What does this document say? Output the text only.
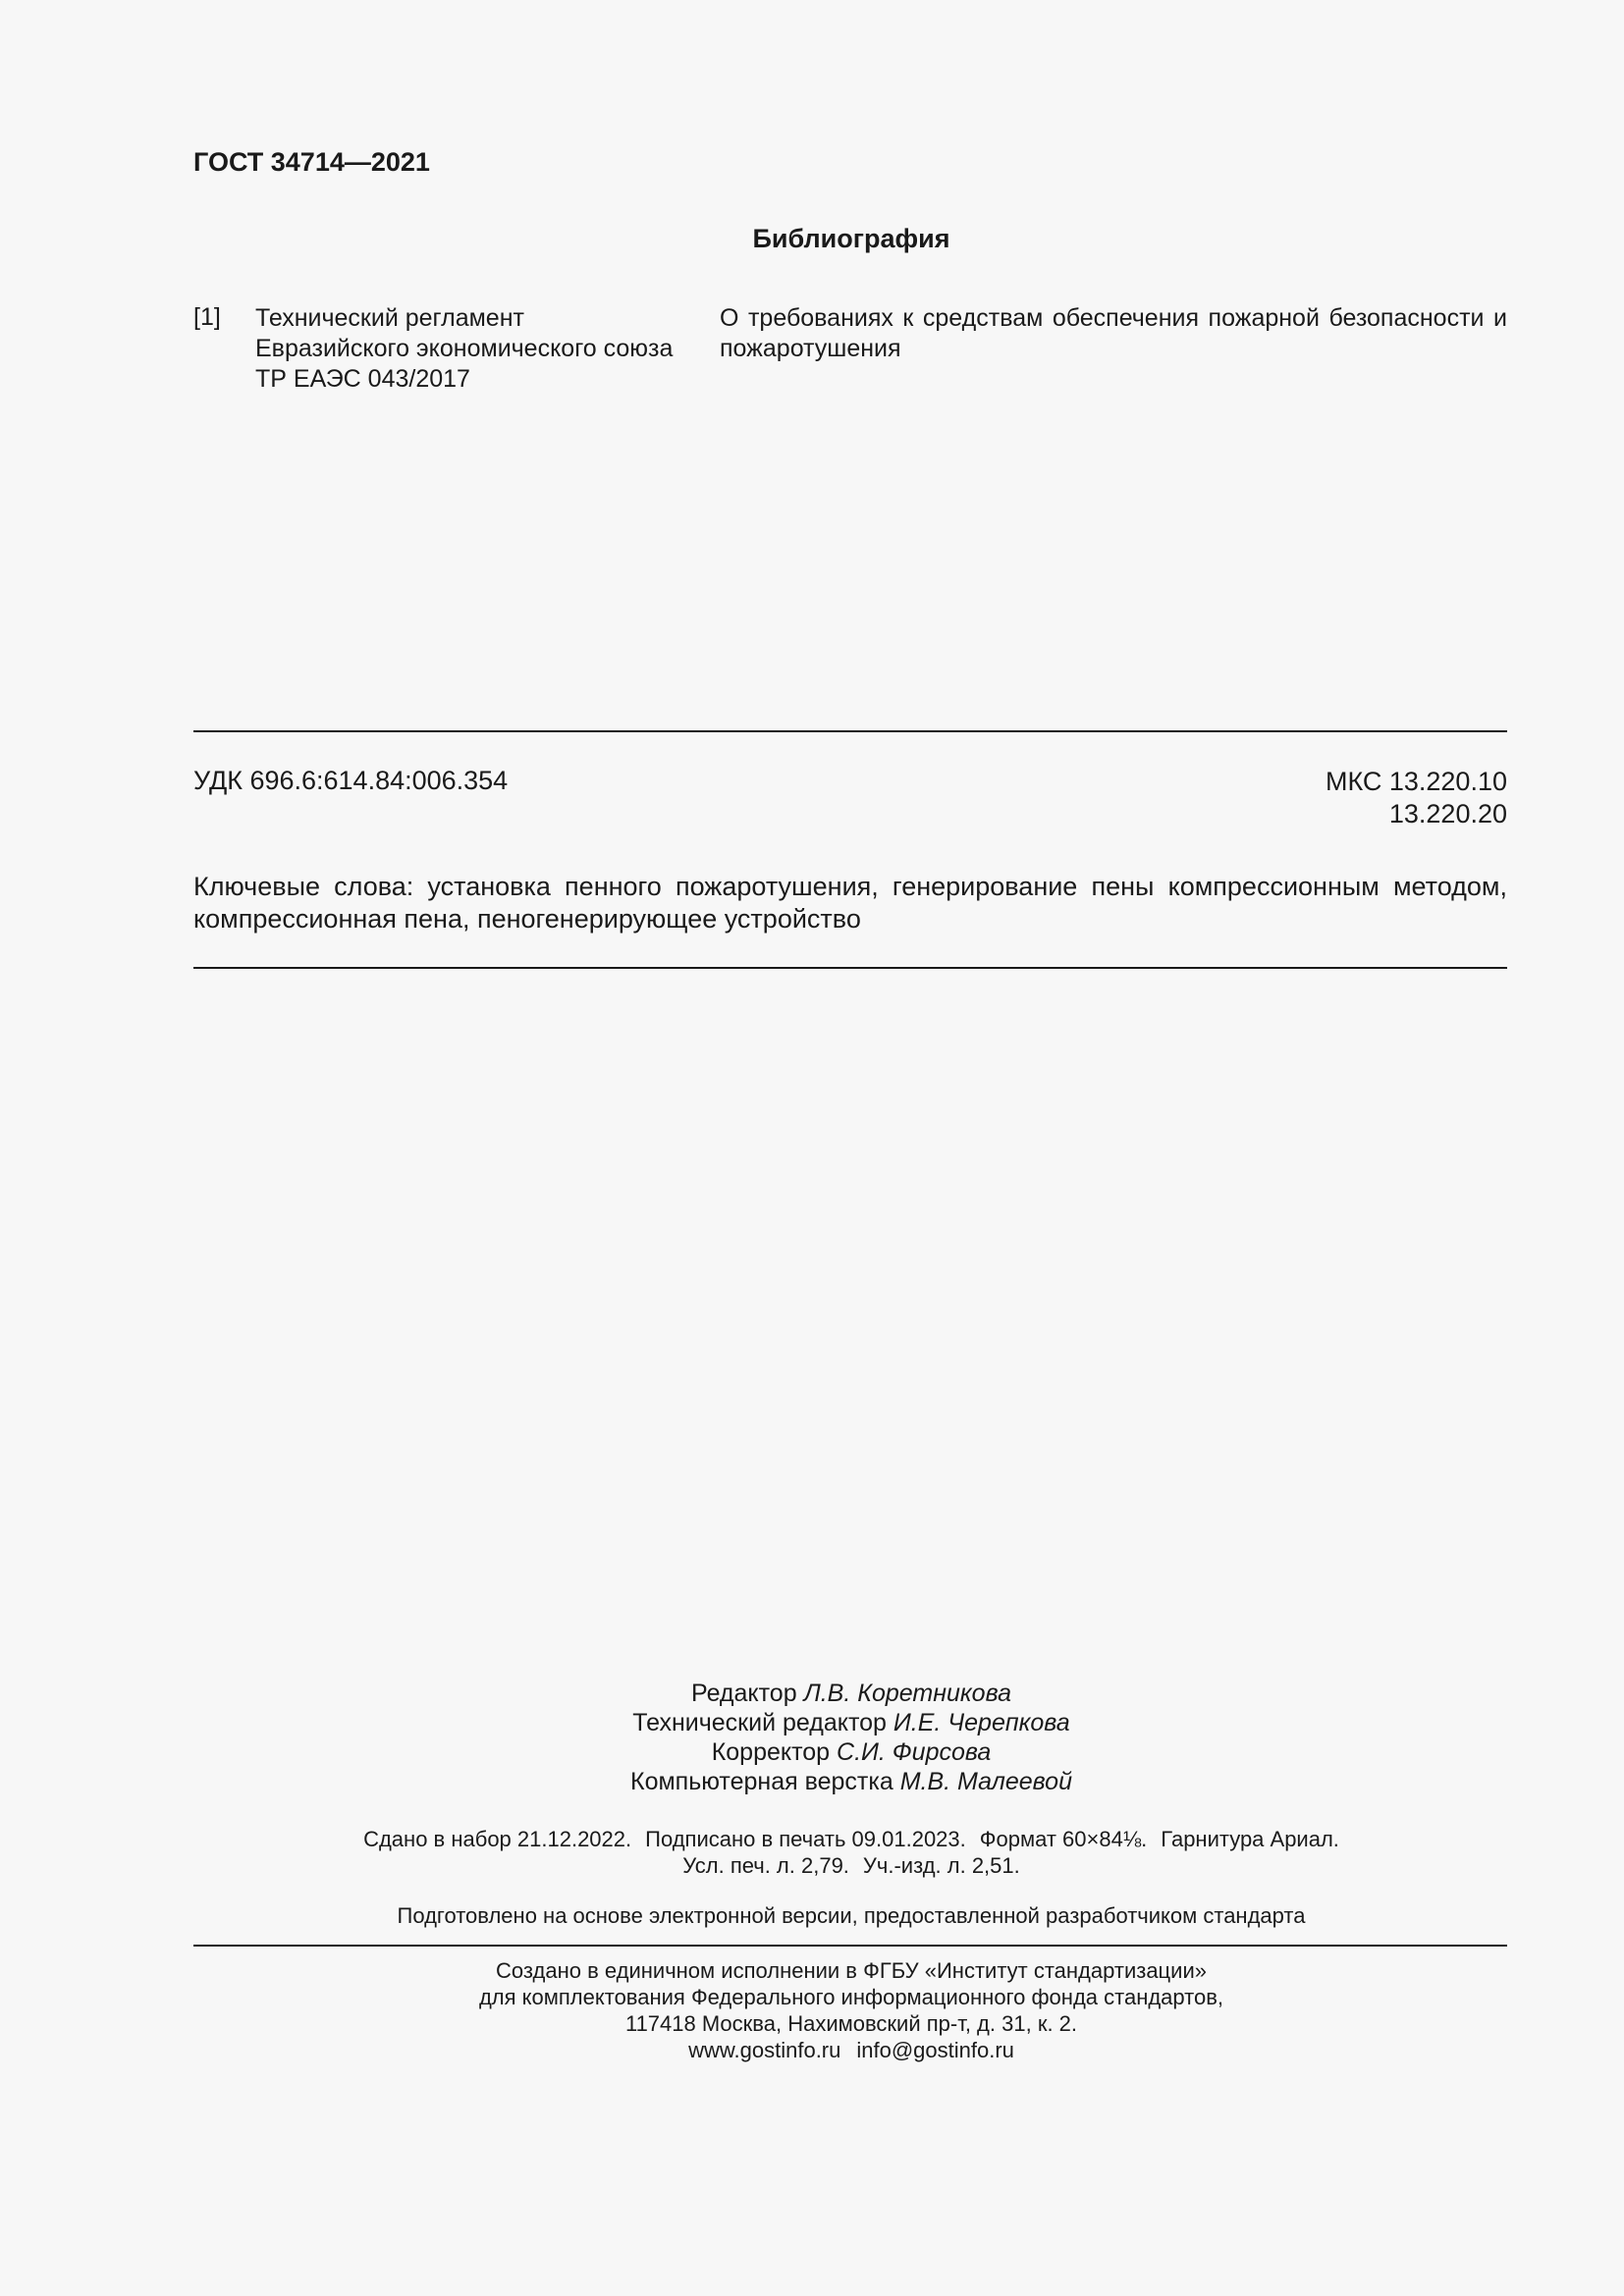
ГОСТ 34714—2021
Библиография
[1] Технический регламент
Евразийского экономического союза
ТР ЕАЭС 043/2017
О требованиях к средствам обеспечения пожарной безопасности и пожаротушения
УДК 696.6:614.84:006.354	МКС 13.220.10
13.220.20
Ключевые слова: установка пенного пожаротушения, генерирование пены компрессионным методом, компрессионная пена, пеногенерирующее устройство
Редактор Л.В. Коретникова
Технический редактор И.Е. Черепкова
Корректор С.И. Фирсова
Компьютерная верстка М.В. Малеевой
Сдано в набор 21.12.2022. Подписано в печать 09.01.2023. Формат 60×84⅛. Гарнитура Ариал.
Усл. печ. л. 2,79. Уч.-изд. л. 2,51.
Подготовлено на основе электронной версии, предоставленной разработчиком стандарта
Создано в единичном исполнении в ФГБУ «Институт стандартизации»
для комплектования Федерального информационного фонда стандартов,
117418 Москва, Нахимовский пр-т, д. 31, к. 2.
www.gostinfo.ru info@gostinfo.ru
